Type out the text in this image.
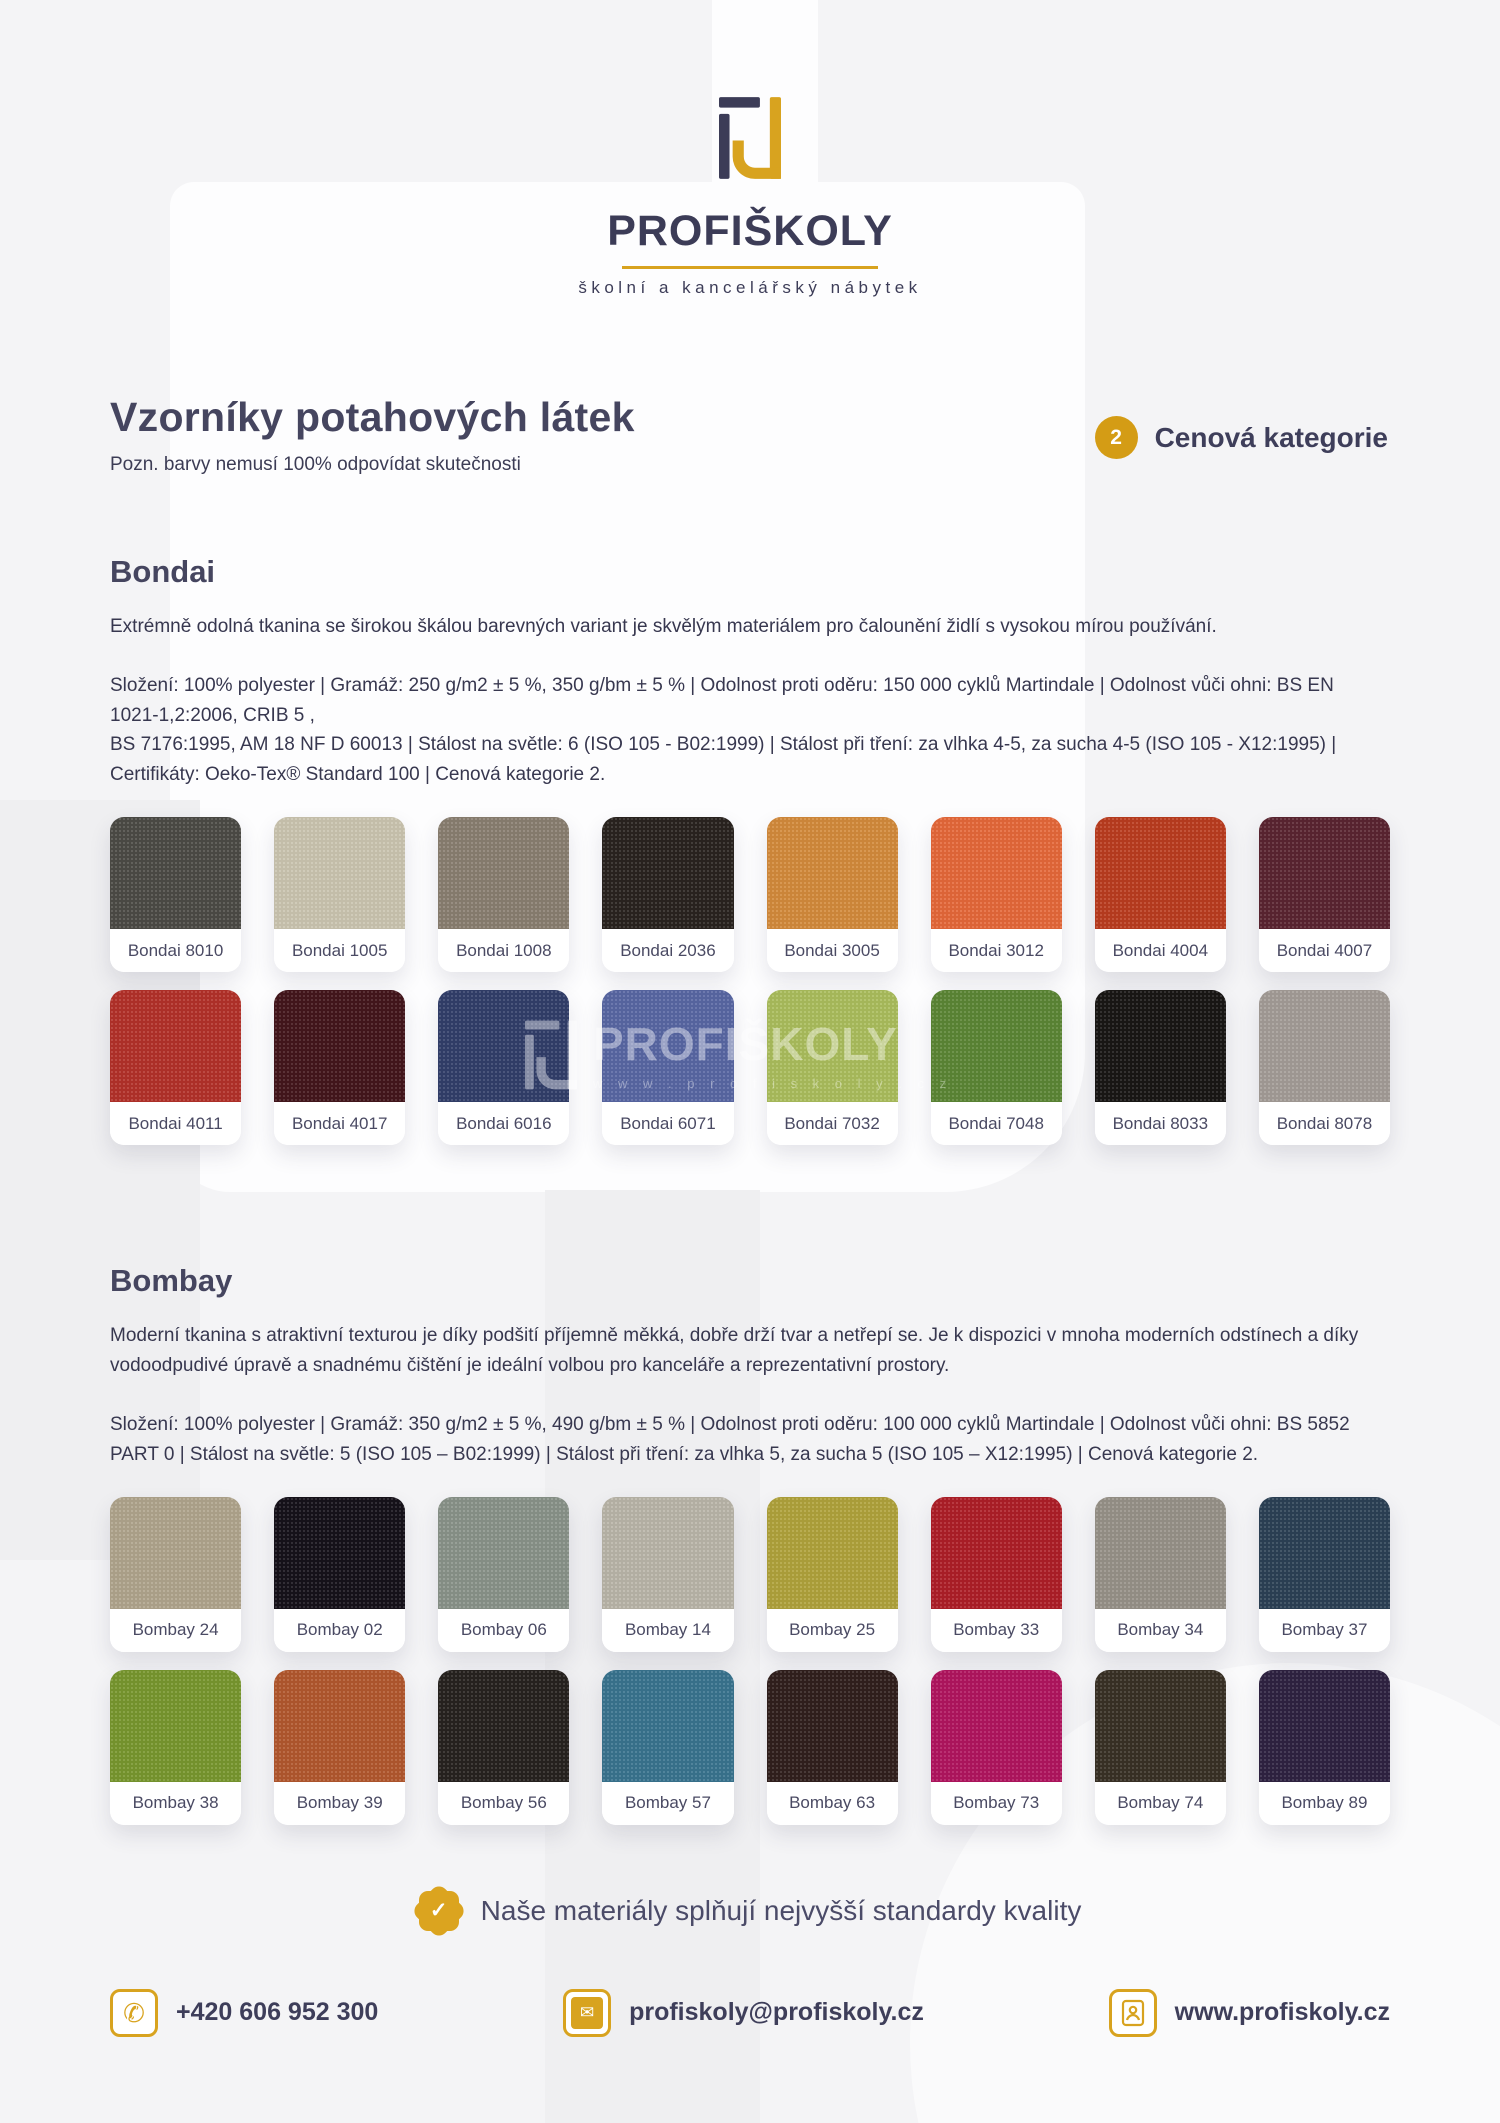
PROFIŠKOLY
školní a kancelářský nábytek
Vzorníky potahových látek
Pozn. barvy nemusí 100% odpovídat skutečnosti
2	Cenová kategorie
Bondai

Extrémně odolná tkanina se širokou škálou barevných variant je skvělým materiálem pro čalounění židlí s vysokou mírou používání.

Složení: 100% polyester | Gramáž: 250 g/m2 ± 5 %, 350 g/bm ± 5 % | Odolnost proti oděru: 150 000 cyklů Martindale | Odolnost vůči ohni: BS EN 1021-1,2:2006, CRIB 5 ,
BS 7176:1995, AM 18 NF D 60013 | Stálost na světle: 6 (ISO 105 - B02:1999) | Stálost při tření: za vlhka 4-5, za sucha 4-5 (ISO 105 - X12:1995) | Certifikáty: Oeko-Tex® Standard 100 | Cenová kategorie 2.

PROFIŠKOLY
w w w . p r o f i s k o l y . c z
Bondai 8010	Bondai 1005	Bondai 1008	Bondai 2036	Bondai 3005	Bondai 3012	Bondai 4004	Bondai 4007
Bondai 4011	Bondai 4017	Bondai 6016	Bondai 6071	Bondai 7032	Bondai 7048	Bondai 8033	Bondai 8078
Bombay

Moderní tkanina s atraktivní texturou je díky podšití příjemně měkká, dobře drží tvar a netřepí se. Je k dispozici v mnoha moderních odstínech a díky vodoodpudivé úpravě a snadnému čištění je ideální volbou pro kanceláře a reprezentativní prostory.

Složení: 100% polyester | Gramáž: 350 g/m2 ± 5 %, 490 g/bm ± 5 % | Odolnost proti oděru: 100 000 cyklů Martindale | Odolnost vůči ohni: BS 5852 PART 0 | Stálost na světle: 5 (ISO 105 – B02:1999) | Stálost při tření: za vlhka 5, za sucha 5 (ISO 105 – X12:1995) | Cenová kategorie 2.

Bombay 24	Bombay 02	Bombay 06	Bombay 14	Bombay 25	Bombay 33	Bombay 34	Bombay 37
Bombay 38	Bombay 39	Bombay 56	Bombay 57	Bombay 63	Bombay 73	Bombay 74	Bombay 89
✓	Naše materiály splňují nejvyšší standardy kvality
✆ +420 606 952 300	✉	profiskoly@profiskoly.cz	www.profiskoly.cz
